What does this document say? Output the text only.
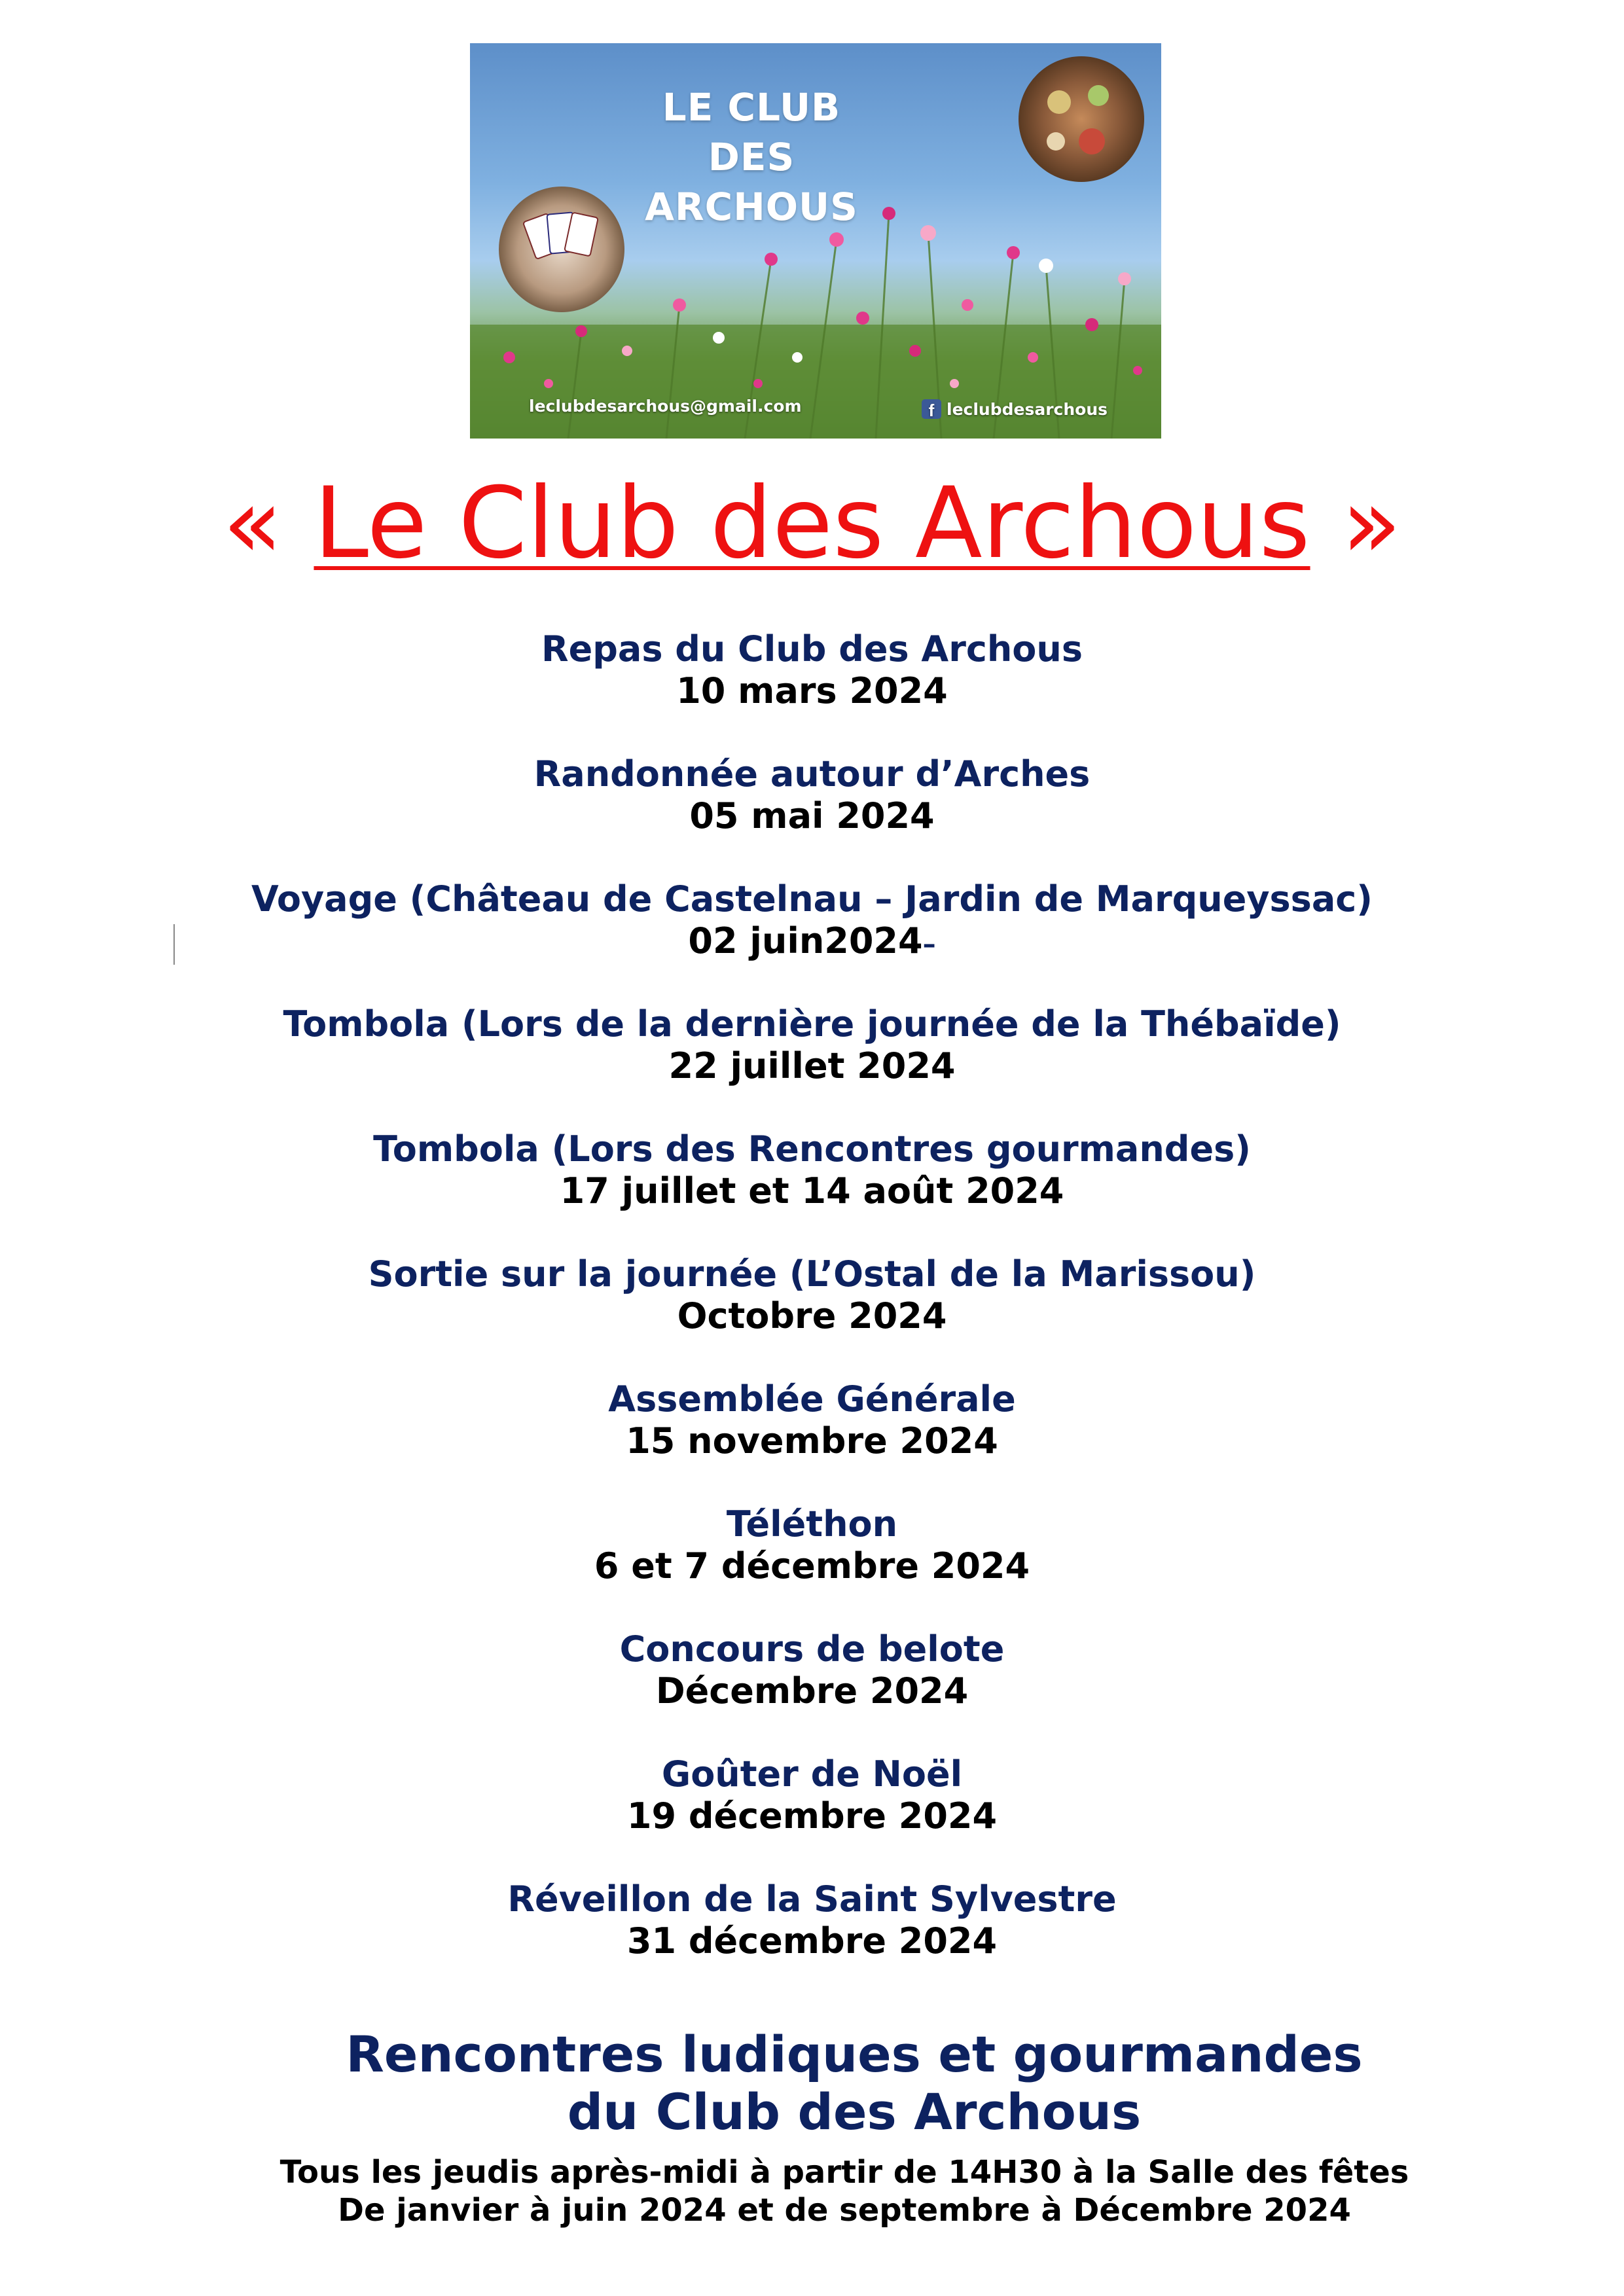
LE CLUB
DES ARCHOUS
leclubdesarchous@gmail.com	f leclubdesarchous
« Le Club des Archous »
Repas du Club des Archous
10 mars 2024
Randonnée autour d’Arches
05 mai 2024
Voyage (Château de Castelnau – Jardin de Marqueyssac)
02 juin2024–
Tombola (Lors de la dernière journée de la Thébaïde)
22 juillet 2024
Tombola (Lors des Rencontres gourmandes)
17 juillet et 14 août 2024
Sortie sur la journée (L’Ostal de la Marissou)
Octobre 2024
Assemblée Générale
15 novembre 2024
Téléthon
6 et 7 décembre 2024
Concours de belote
Décembre 2024
Goûter de Noël
19 décembre 2024
Réveillon de la Saint Sylvestre
31 décembre 2024
Rencontres ludiques et gourmandes
du Club des Archous
Tous les jeudis après-midi à partir de 14H30 à la Salle des fêtes
De janvier à juin 2024 et de septembre à Décembre 2024
